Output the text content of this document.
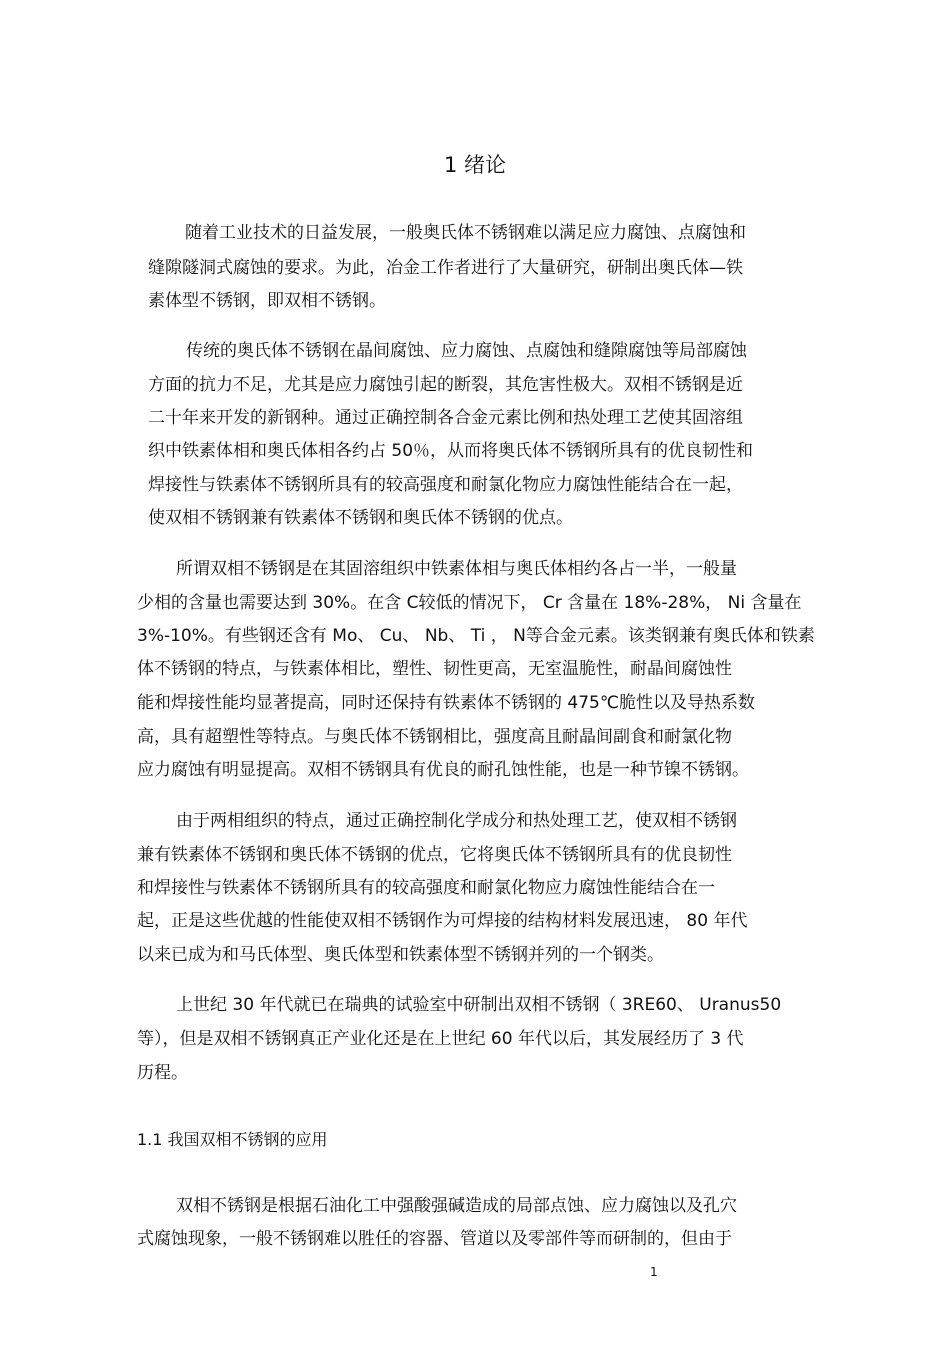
1 绪论
随着工业技术的日益发展，一般奥氏体不锈钢难以满足应力腐蚀、点腐蚀和
缝隙隧洞式腐蚀的要求。为此，冶金工作者进行了大量研究，研制出奥氏体—铁
素体型不锈钢，即双相不锈钢。
传统的奥氏体不锈钢在晶间腐蚀、应力腐蚀、点腐蚀和缝隙腐蚀等局部腐蚀
方面的抗力不足，尤其是应力腐蚀引起的断裂，其危害性极大。双相不锈钢是近
二十年来开发的新钢种。通过正确控制各合金元素比例和热处理工艺使其固溶组
织中铁素体相和奥氏体相各约占 50％，从而将奥氏体不锈钢所具有的优良韧性和
焊接性与铁素体不锈钢所具有的较高强度和耐氯化物应力腐蚀性能结合在一起，
使双相不锈钢兼有铁素体不锈钢和奥氏体不锈钢的优点。
所谓双相不锈钢是在其固溶组织中铁素体相与奥氏体相约各占一半，一般量
少相的含量也需要达到 30%。在含 C较低的情况下， Cr 含量在 18%-28%， Ni 含量在
3%-10%。有些钢还含有 Mo、 Cu、 Nb、 Ti ， N等合金元素。该类钢兼有奥氏体和铁素
体不锈钢的特点，与铁素体相比，塑性、韧性更高，无室温脆性，耐晶间腐蚀性
能和焊接性能均显著提高，同时还保持有铁素体不锈钢的 475℃脆性以及导热系数
高，具有超塑性等特点。与奥氏体不锈钢相比，强度高且耐晶间副食和耐氯化物
应力腐蚀有明显提高。双相不锈钢具有优良的耐孔蚀性能，也是一种节镍不锈钢。
由于两相组织的特点，通过正确控制化学成分和热处理工艺，使双相不锈钢
兼有铁素体不锈钢和奥氏体不锈钢的优点，它将奥氏体不锈钢所具有的优良韧性
和焊接性与铁素体不锈钢所具有的较高强度和耐氯化物应力腐蚀性能结合在一
起，正是这些优越的性能使双相不锈钢作为可焊接的结构材料发展迅速， 80 年代
以来已成为和马氏体型、奥氏体型和铁素体型不锈钢并列的一个钢类。
上世纪 30 年代就已在瑞典的试验室中研制出双相不锈钢（ 3RE60、 Uranus50
等），但是双相不锈钢真正产业化还是在上世纪 60 年代以后，其发展经历了 3 代
历程。
1.1 我国双相不锈钢的应用
双相不锈钢是根据石油化工中强酸强碱造成的局部点蚀、应力腐蚀以及孔穴
式腐蚀现象，一般不锈钢难以胜任的容器、管道以及零部件等而研制的，但由于
1
